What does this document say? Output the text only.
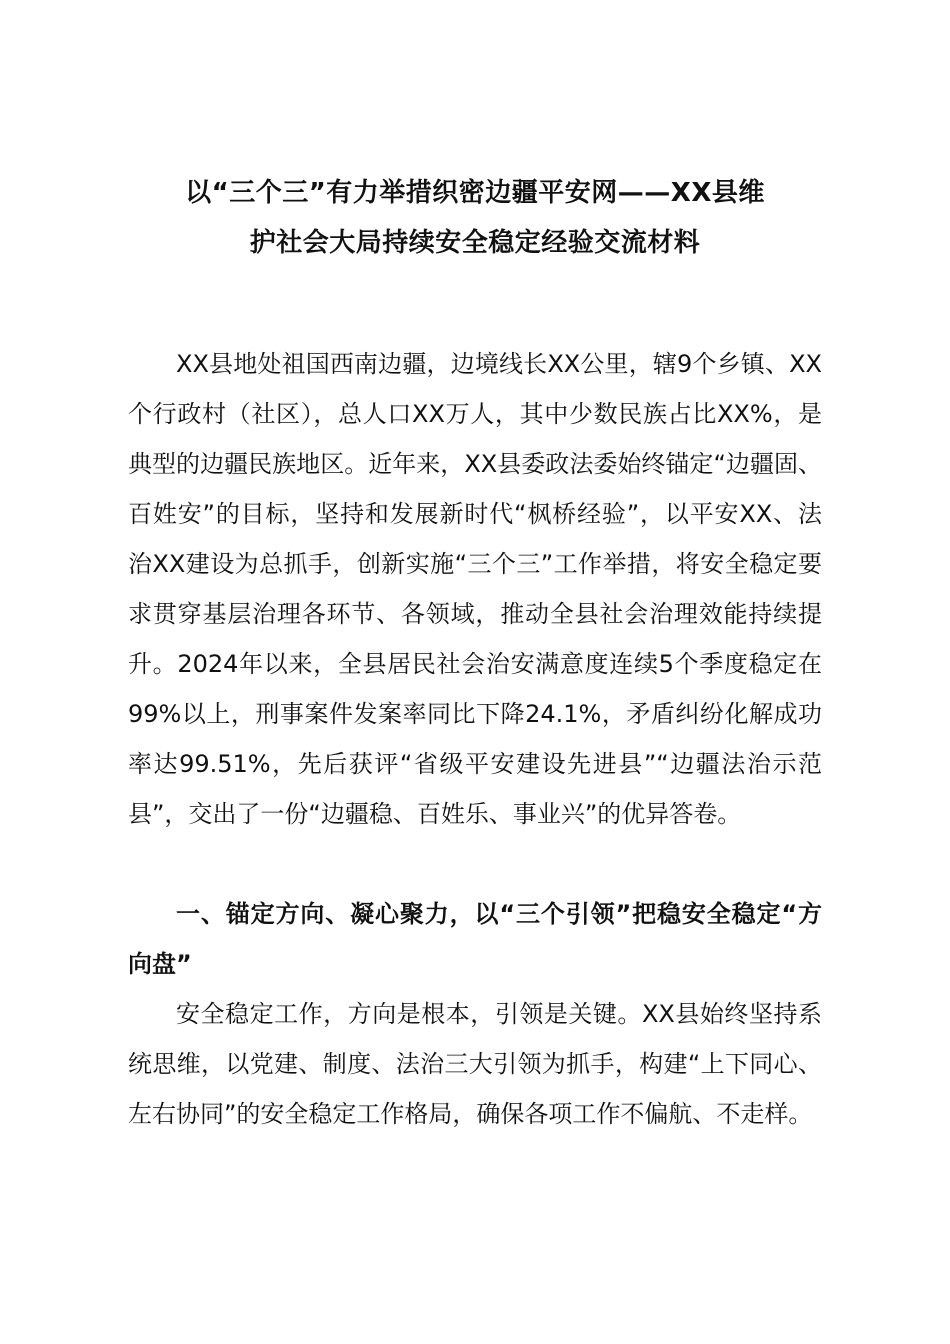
以“三个三”有力举措织密边疆平安网——XX县维
护社会大局持续安全稳定经验交流材料

XX县地处祖国西南边疆，边境线长XX公里，辖9个乡镇、XX个行政村（社区），总人口XX万人，其中少数民族占比XX%，是典型的边疆民族地区。近年来，XX县委政法委始终锚定“边疆固、百姓安”的目标，坚持和发展新时代“枫桥经验”，以平安XX、法治XX建设为总抓手，创新实施“三个三”工作举措，将安全稳定要求贯穿基层治理各环节、各领域，推动全县社会治理效能持续提升。2024年以来，全县居民社会治安满意度连续5个季度稳定在99%以上，刑事案件发案率同比下降24.1%，矛盾纠纷化解成功率达99.51%，先后获评“省级平安建设先进县”“边疆法治示范县”，交出了一份“边疆稳、百姓乐、事业兴”的优异答卷。

一、锚定方向、凝心聚力，以“三个引领”把稳安全稳定“方向盘”

安全稳定工作，方向是根本，引领是关键。XX县始终坚持系统思维，以党建、制度、法治三大引领为抓手，构建“上下同心、左右协同”的安全稳定工作格局，确保各项工作不偏航、不走样。
